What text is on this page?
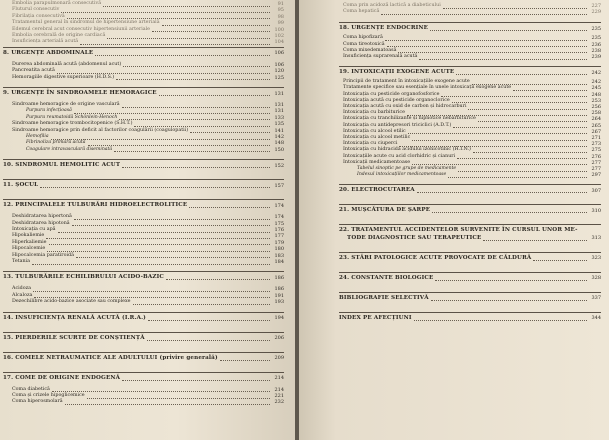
Embolia parapulmonară consecutivă	91
Fluturul consecutiv	95
Fibrilația consecutivă	98
Tratamentul general în sindromul de hipertensiune arterială	99
Edemul cerebral acut consecutiv hipertensiunii arteriale	100
Embolia cerebrală de origine cardiacă	102
Insuficiența arterială acută	104
8. URGENȚE ABDOMINALE	106
Durerea abdominală acută (abdomenul acut)	106
Pancreatita acută	120
Hemoragiile digestive superioare (H.D.S.)	125
9. URGENȚE ÎN SINDROAMELE HEMORAGICE	131
Sindroame hemoragice de origine vasculară	131
Purpura infecțioasă	131
Purpura reumatoidă Schönlein-Henoch	133
Sindroame hemoragice trombocitopenice (S.H.T.)	135
Sindroame hemoragice prin deficit al factorilor coagulării (coagulopatii)	141
Hemofilia	142
Fibrinoliza primară acută	148
Coagulare intravasculară diseminată	150
10. SINDROMUL HEMOLITIC ACUT	152
11. ȘOCUL	157
12. PRINCIPALELE TULBURĂRI HIDROELECTROLITICE	174
Deshidratarea hipertonă	174
Deshidratarea hipotonă	175
Intoxicația cu apă	176
Hipokaliemie	177
Hiperkaliemie	179
Hipocalcemie	180
Hipocalcemia paratiroidă	183
Tetania	184
13. TULBURĂRILE ECHILIBRULUI ACIDO-BAZIC	186
Acidoza	186
Alcaloza	191
Dezechilibre acido-bazice asociate sau complexe	193
14. INSUFICIENȚA RENALĂ ACUTĂ (I.R.A.)	194
15. PIERDERILE SCURTE DE CONȘTIENȚĂ	206
16. COMELE NETRAUMATICE ALE ADULTULUI (privire generală)	209
17. COME DE ORIGINE ENDOGENĂ	214
Coma diabetică	214
Coma și crizele hipoglicemice	221
Coma hiperosmolară	232
Coma prin acidoză lactică a diabeticului	227
Coma hepatică	229
18. URGENȚE ENDOCRINE	235
Coma hipofizară	235
Coma tireotoxică	236
Coma mixedematoasă	238
Insuficiența suprarenală acută	239
19. INTOXICAȚII EXOGENE ACUTE	242
Principii de tratament în intoxicațiile exogene acute	242
Tratamente specifice sau esențiale în unele intoxicații exogene acute	245
Intoxicația cu pesticide organofosforice	248
Intoxicația acută cu pesticide organoclorice	253
Intoxicația acută cu oxid de carbon și hidrocarburi	256
Intoxicația cu barbiturice	258
Intoxicația cu tranchilizante și hipnotice nebarbiturice	264
Intoxicația cu antidepresori triciclici (A.D.T.)	265
Intoxicația cu alcool etilic	267
Intoxicația cu alcool metilic	271
Intoxicația cu ciuperci	273
Intoxicația cu hidracida acidului izonicotinic (H.I.N.)	275
Intoxicațiile acute cu acid clorhidric și cianuri	276
Intoxicații medicamentoase	277
Tabelul sinoptic pe grupe de medicamente	277
Indexul intoxicațiilor medicamentoase	297
20. ELECTROCUTAREA	307
21. MUȘCĂTURA DE ȘARPE	310
22. TRATAMENTUL ACCIDENTELOR SURVENITE ÎN CURSUL UNOR ME-
TODE DIAGNOSTICE SAU TERAPEUTICE	313
23. STĂRI PATOLOGICE ACUTE PROVOCATE DE CĂLDURĂ	323
24. CONSTANTE BIOLOGICE	328
BIBLIOGRAFIE SELECTIVĂ	337
INDEX PE AFECȚIUNI	344
